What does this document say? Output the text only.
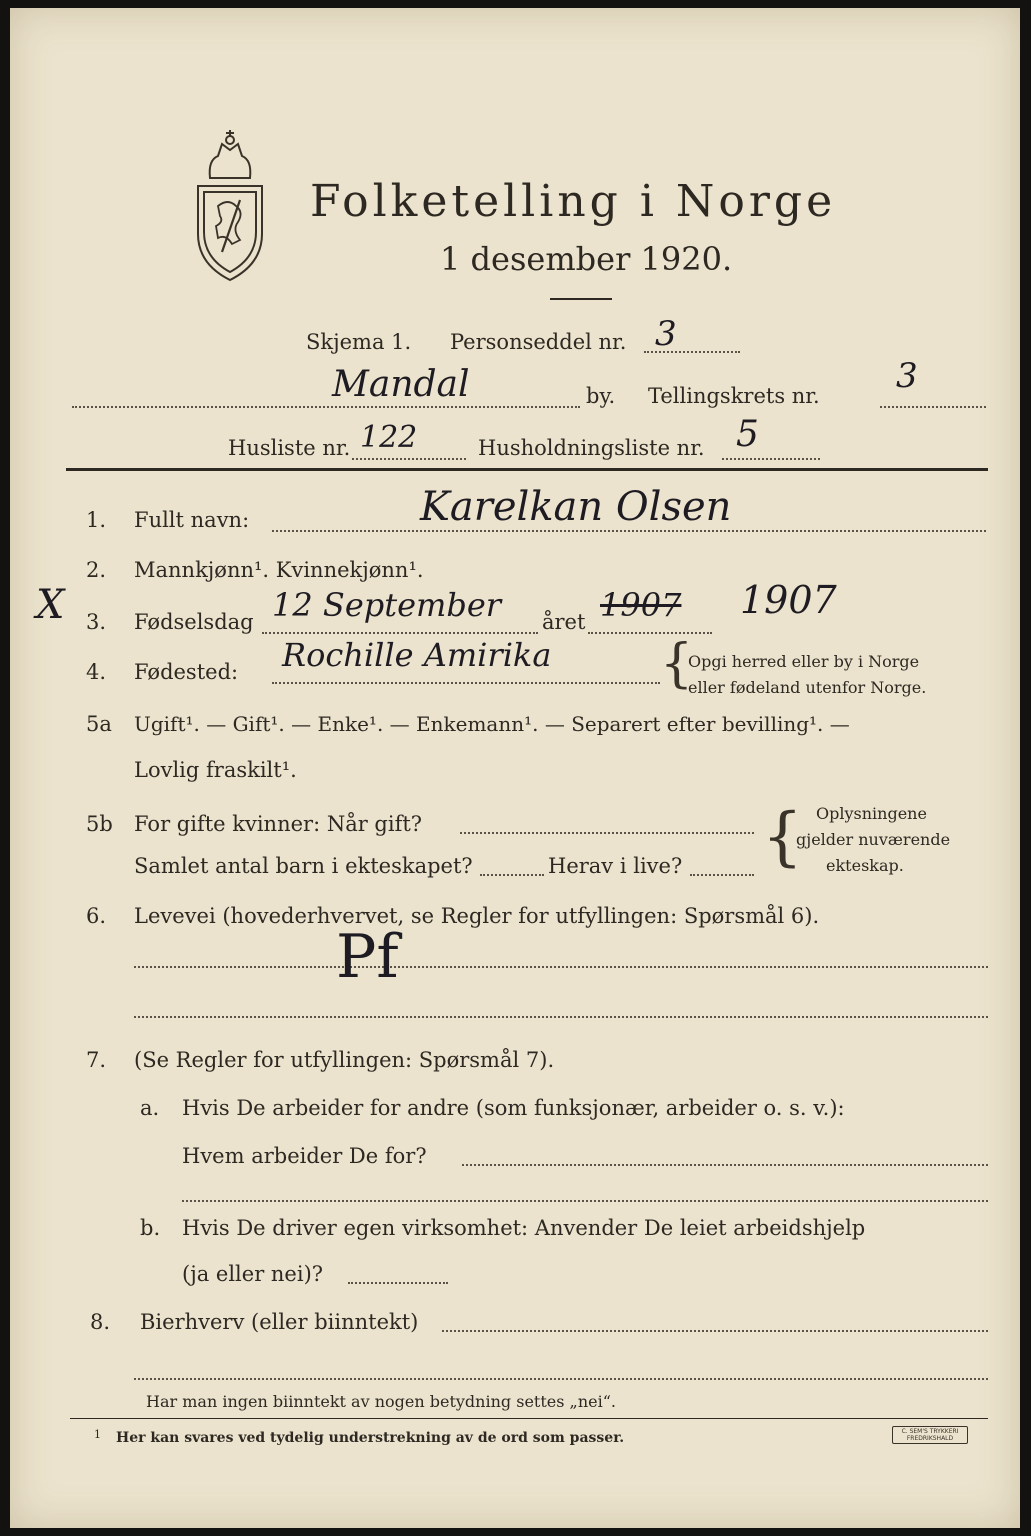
Folketelling i Norge
1 desember 1920.
Skjema 1. Personseddel nr. 3
Mandal	by. Tellingskrets nr. 3
Husliste nr. 122	Husholdningsliste nr. 5
1. Fullt navn:	Karelkan Olsen
2. Mannkjønn¹. Kvinnekjønn¹.
X 3. Fødselsdag 12 September året 1907 1907
4. Fødested: Rochille Amirika {
Opgi herred eller by i Norge
eller fødeland utenfor Norge.
5a Ugift¹. — Gift¹. — Enke¹. — Enkemann¹. — Separert efter bevilling¹. —
Lovlig fraskilt¹.
5b For gifte kvinner: Når gift?
Samlet antal barn i ekteskapet?	Herav i live? { Oplysningene
gjelder nuværende
ekteskap.
6. Levevei (hovederhvervet, se Regler for utfyllingen: Spørsmål 6).
Pf
7. (Se Regler for utfyllingen: Spørsmål 7).
a. Hvis De arbeider for andre (som funksjonær, arbeider o. s. v.):
Hvem arbeider De for?
b. Hvis De driver egen virksomhet: Anvender De leiet arbeidshjelp
(ja eller nei)?
8. Bierhverv (eller biinntekt)
Har man ingen biinntekt av nogen betydning settes „nei“.
1 Her kan svares ved tydelig understrekning av de ord som passer.	C. SEM'S TRYKKERI FREDRIKSHALD
